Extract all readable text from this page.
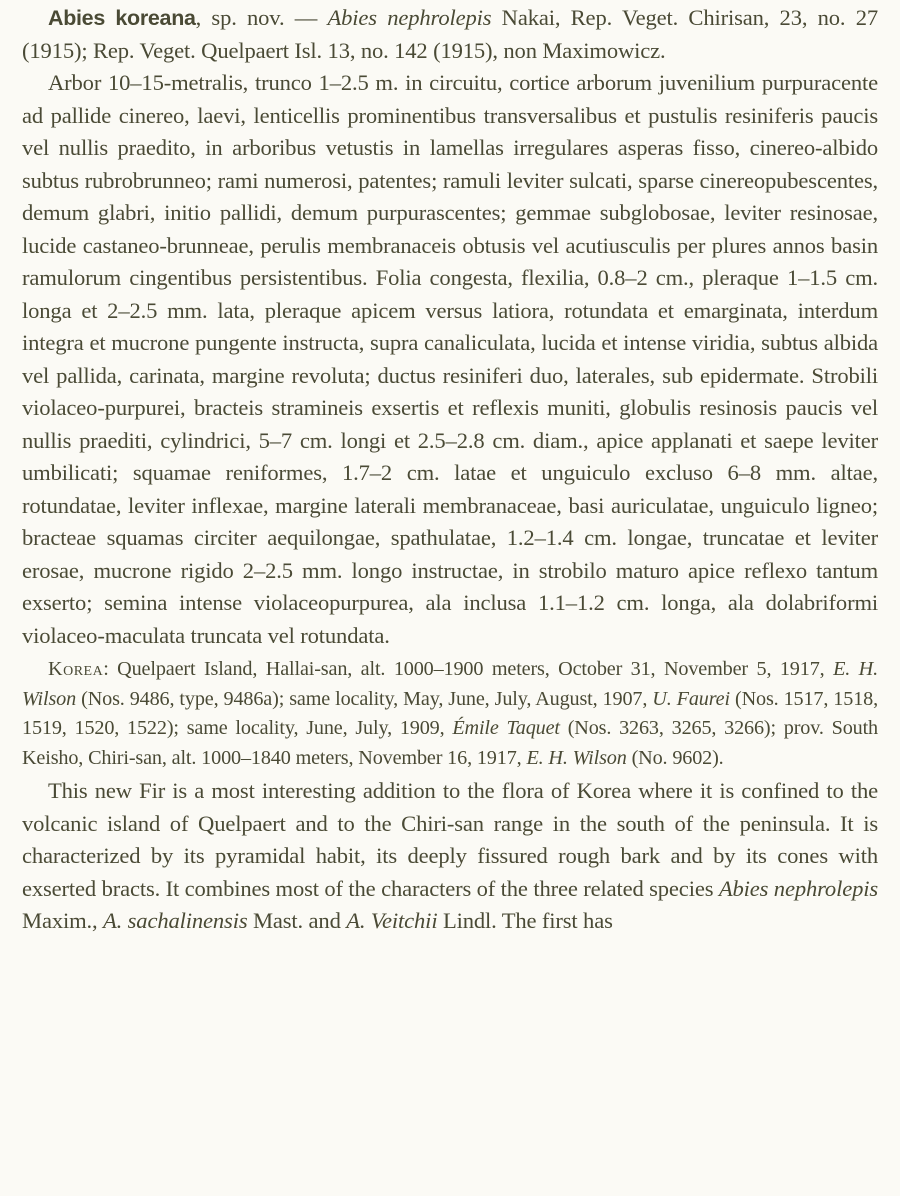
Abies koreana, sp. nov. — Abies nephrolepis Nakai, Rep. Veget. Chirisan, 23, no. 27 (1915); Rep. Veget. Quelpaert Isl. 13, no. 142 (1915), non Maximowicz.

Arbor 10–15-metralis, trunco 1–2.5 m. in circuitu, cortice arborum juvenilium purpuracente ad pallide cinereo, laevi, lenticellis prominentibus transversalibus et pustulis resiniferis paucis vel nullis praedito, in arboribus vetustis in lamellas irregulares asperas fisso, cinereo-albido subtus rubrobrunneo; rami numerosi, patentes; ramuli leviter sulcati, sparse cinereopubescentes, demum glabri, initio pallidi, demum purpurascentes; gemmae subglobosae, leviter resinosae, lucide castaneo-brunneae, perulis membranaceis obtusis vel acutiusculis per plures annos basin ramulorum cingentibus persistentibus. Folia congesta, flexilia, 0.8–2 cm., pleraque 1–1.5 cm. longa et 2–2.5 mm. lata, pleraque apicem versus latiora, rotundata et emarginata, interdum integra et mucrone pungente instructa, supra canaliculata, lucida et intense viridia, subtus albida vel pallida, carinata, margine revoluta; ductus resiniferi duo, laterales, sub epidermate. Strobili violaceo-purpurei, bracteis stramineis exsertis et reflexis muniti, globulis resinosis paucis vel nullis praediti, cylindrici, 5–7 cm. longi et 2.5–2.8 cm. diam., apice applanati et saepe leviter umbilicati; squamae reniformes, 1.7–2 cm. latae et unguiculo excluso 6–8 mm. altae, rotundatae, leviter inflexae, margine laterali membranaceae, basi auriculatae, unguiculo ligneo; bracteae squamas circiter aequilongae, spathulatae, 1.2–1.4 cm. longae, truncatae et leviter erosae, mucrone rigido 2–2.5 mm. longo instructae, in strobilo maturo apice reflexo tantum exserto; semina intense violaceopurpurea, ala inclusa 1.1–1.2 cm. longa, ala dolabriformi violaceo-maculata truncata vel rotundata.

Korea: Quelpaert Island, Hallai-san, alt. 1000–1900 meters, October 31, November 5, 1917, E. H. Wilson (Nos. 9486, type, 9486a); same locality, May, June, July, August, 1907, U. Faurei (Nos. 1517, 1518, 1519, 1520, 1522); same locality, June, July, 1909, Émile Taquet (Nos. 3263, 3265, 3266); prov. South Keisho, Chiri-san, alt. 1000–1840 meters, November 16, 1917, E. H. Wilson (No. 9602).

This new Fir is a most interesting addition to the flora of Korea where it is confined to the volcanic island of Quelpaert and to the Chiri-san range in the south of the peninsula. It is characterized by its pyramidal habit, its deeply fissured rough bark and by its cones with exserted bracts. It combines most of the characters of the three related species Abies nephrolepis Maxim., A. sachalinensis Mast. and A. Veitchii Lindl. The first has
